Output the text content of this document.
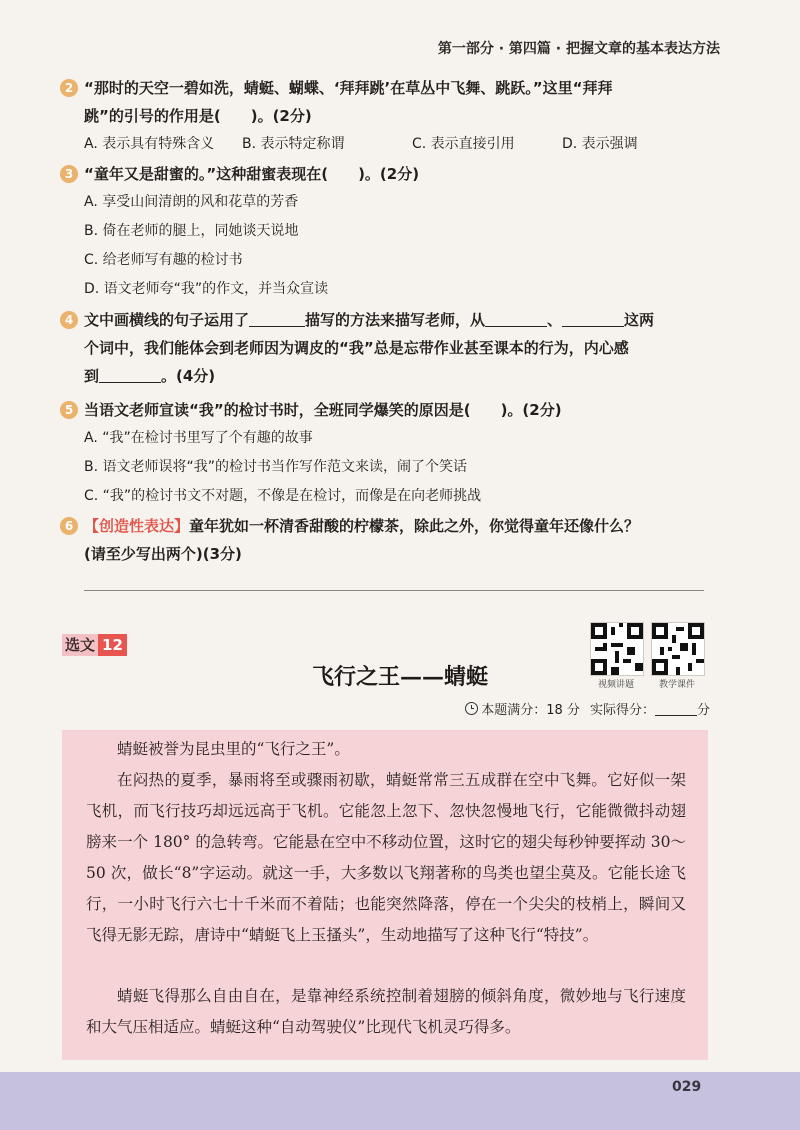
第一部分 · 第四篇 · 把握文章的基本表达方法
2 “那时的天空一碧如洗，蜻蜓、蝴蝶、‘拜拜跳’在草丛中飞舞、跳跃。”这里“拜拜
跳”的引号的作用是(　　)。(2分)
A. 表示具有特殊含义	B. 表示特定称谓	C. 表示直接引用	D. 表示强调
3 “童年又是甜蜜的。”这种甜蜜表现在(　　)。(2分)
A. 享受山间清朗的风和花草的芳香
B. 倚在老师的腿上，同她谈天说地
C. 给老师写有趣的检讨书
D. 语文老师夸“我”的作文，并当众宣读
4 文中画横线的句子运用了	描写的方法来描写老师，从	、	这两
个词中，我们能体会到老师因为调皮的“我”总是忘带作业甚至课本的行为，内心感
到	。(4分)
5 当语文老师宣读“我”的检讨书时，全班同学爆笑的原因是(　　)。(2分)
A. “我”在检讨书里写了个有趣的故事
B. 语文老师误将“我”的检讨书当作写作范文来读，闹了个笑话
C. “我”的检讨书文不对题，不像是在检讨，而像是在向老师挑战
6 【创造性表达】童年犹如一杯清香甜酸的柠檬茶，除此之外，你觉得童年还像什么？
(请至少写出两个)(3分)
选文 12
视频讲题	教学课件
飞行之王——蜻蜓
本题满分：18 分 实际得分：	分

蜻蜓被誉为昆虫里的“飞行之王”。

在闷热的夏季，暴雨将至或骤雨初歇，蜻蜓常常三五成群在空中飞舞。它好似一架飞机，而飞行技巧却远远高于飞机。它能忽上忽下、忽快忽慢地飞行，它能微微抖动翅膀来一个 180° 的急转弯。它能悬在空中不移动位置，这时它的翅尖每秒钟要挥动 30～50 次，做长“8”字运动。就这一手，大多数以飞翔著称的鸟类也望尘莫及。它能长途飞行，一小时飞行六七十千米而不着陆；也能突然降落，停在一个尖尖的枝梢上，瞬间又飞得无影无踪，唐诗中“蜻蜓飞上玉搔头”，生动地描写了这种飞行“特技”。

蜻蜓飞得那么自由自在，是靠神经系统控制着翅膀的倾斜角度，微妙地与飞行速度和大气压相适应。蜻蜓这种“自动驾驶仪”比现代飞机灵巧得多。

029
